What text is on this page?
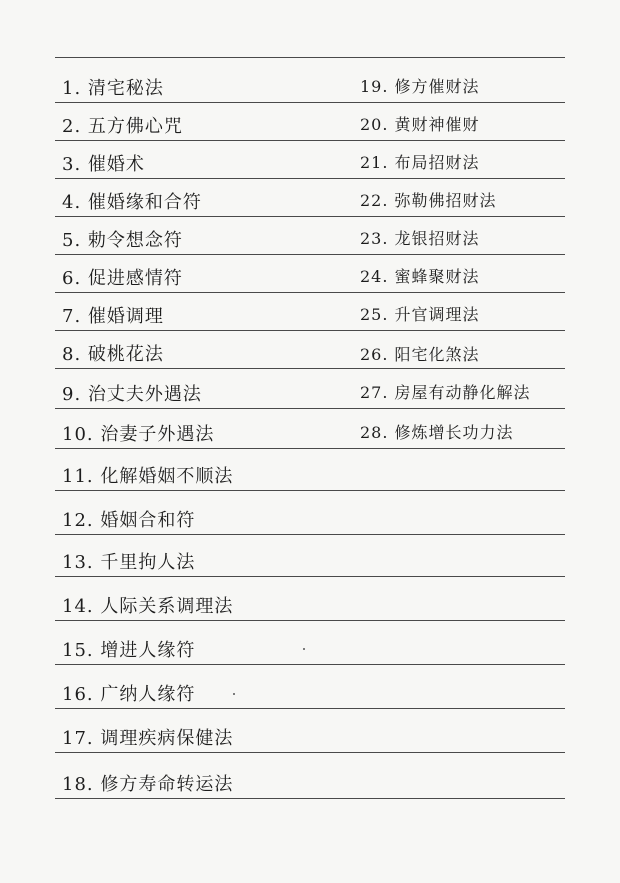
1. 清宅秘法
2. 五方佛心咒
3. 催婚术
4. 催婚缘和合符
5. 勅令想念符
6. 促进感情符
7. 催婚调理
8. 破桃花法
9. 治丈夫外遇法
10. 治妻子外遇法
11. 化解婚姻不顺法
12. 婚姻合和符
13. 千里拘人法
14. 人际关系调理法
15. 增进人缘符
16. 广纳人缘符
17. 调理疾病保健法
18. 修方寿命转运法
19. 修方催财法
20. 黄财神催财
21. 布局招财法
22. 弥勒佛招财法
23. 龙银招财法
24. 蜜蜂聚财法
25. 升官调理法
26. 阳宅化煞法
27. 房屋有动静化解法
28. 修炼增长功力法
